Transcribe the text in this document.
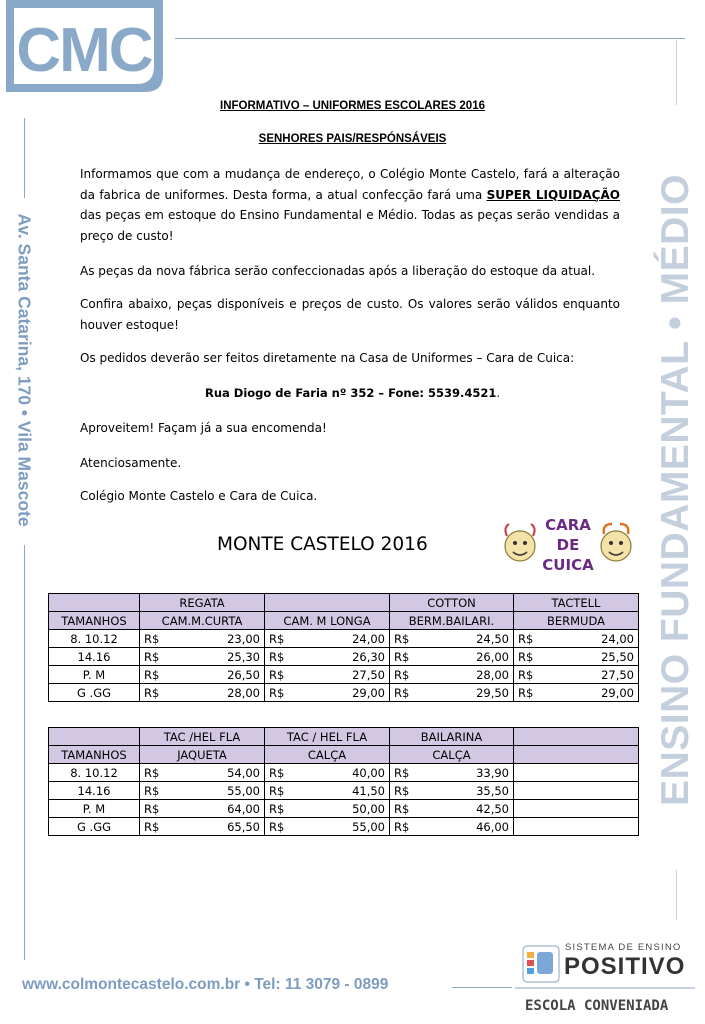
CMC
Av. Santa Catarina, 170 • Vila Mascote	ENSINO FUNDAMENTAL • MÉDIO
INFORMATIVO – UNIFORMES ESCOLARES 2016
SENHORES PAIS/RESPÓNSÁVEIS
Informamos que com a mudança de endereço, o Colégio Monte Castelo, fará a alteração da fabrica de uniformes. Desta forma, a atual confecção fará uma SUPER LIQUIDAÇÃO das peças em estoque do Ensino Fundamental e Médio. Todas as peças serão vendidas a preço de custo!
As peças da nova fábrica serão confeccionadas após a liberação do estoque da atual.
Confira abaixo, peças disponíveis e preços de custo. Os valores serão válidos enquanto houver estoque!
Os pedidos deverão ser feitos diretamente na Casa de Uniformes – Cara de Cuica:
Rua Diogo de Faria nº 352 – Fone: 5539.4521.
Aproveitem! Façam já a sua encomenda!
Atenciosamente.
Colégio Monte Castelo e Cara de Cuica.
MONTE CASTELO 2016
CARA
DE
CUICA
	REGATA		COTTON	TACTELL
TAMANHOS	CAM.M.CURTA	CAM. M LONGA	BERM.BAILARI.	BERMUDA
8. 10.12	R$ 23,00	R$ 24,00	R$ 24,50	R$ 24,00

14.16	R$ 25,30	R$ 26,30	R$ 26,00	R$ 25,50

P. M	R$ 26,50	R$ 27,50	R$ 28,00	R$ 27,50

G .GG	R$ 28,00	R$ 29,00	R$ 29,50	R$ 29,00
	TAC /HEL FLA	TAC / HEL FLA	BAILARINA	
TAMANHOS	JAQUETA	CALÇA	CALÇA	
8. 10.12	R$ 54,00	R$ 40,00	R$ 33,90	

14.16	R$ 55,00	R$ 41,50	R$ 35,50	

P. M	R$ 64,00	R$ 50,00	R$ 42,50	

G .GG	R$ 65,50	R$ 55,00	R$ 46,00	

www.colmontecastelo.com.br • Tel: 11 3079 - 0899
SISTEMA DE ENSINO
POSITIVO
ESCOLA CONVENIADA
